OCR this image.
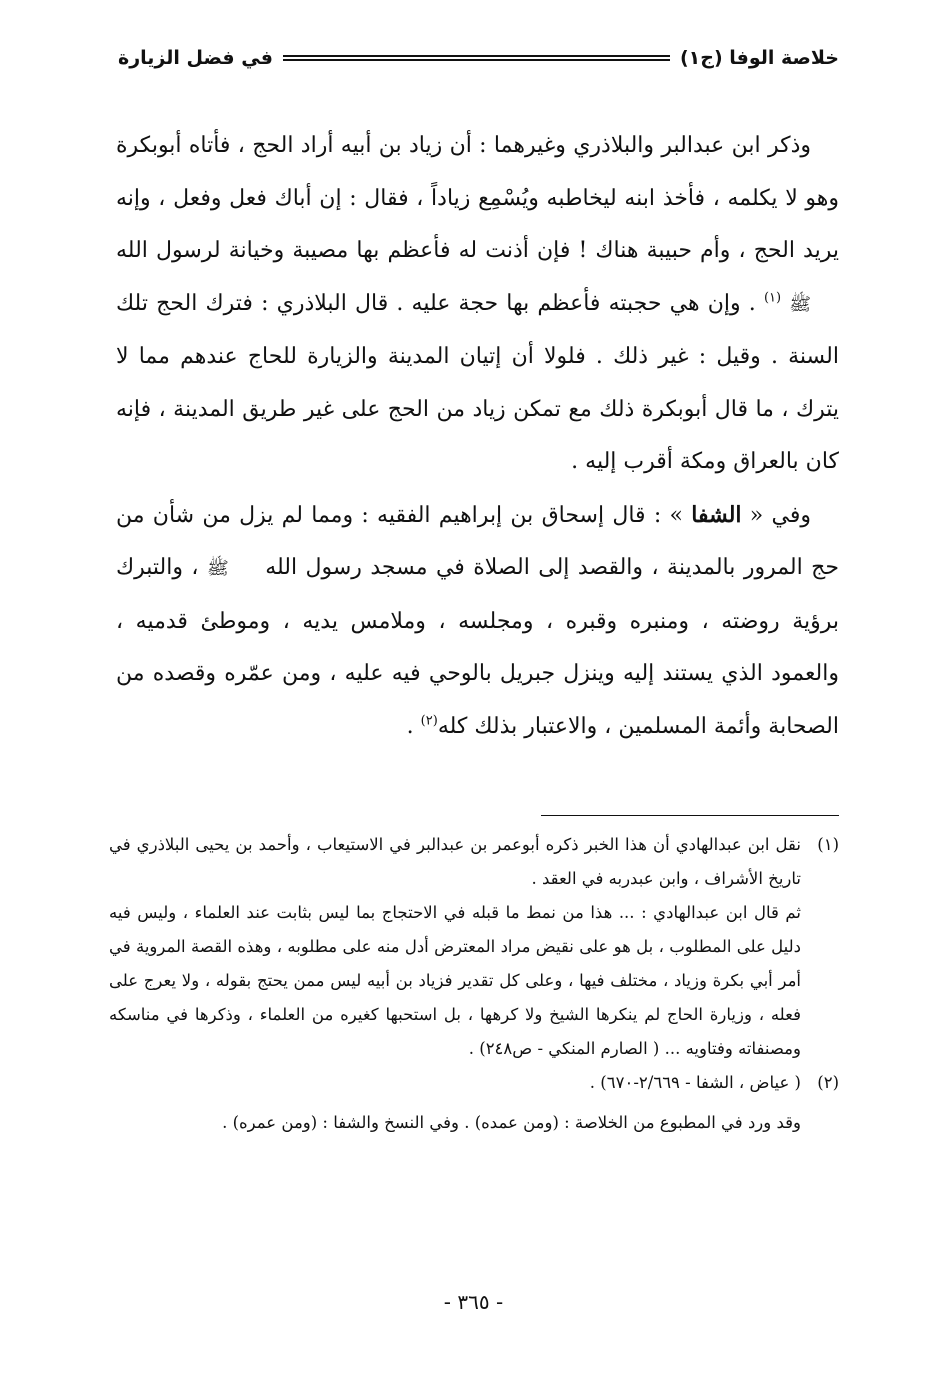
خلاصة الوفا (ج١)
في فضل الزيارة

وذكر ابن عبدالبر والبلاذري وغيرهما : أن زياد بن أبيه أراد الحج ، فأتاه أبوبكرة وهو لا يكلمه ، فأخذ ابنه ليخاطبه ويُسْمِع زياداً ، فقال : إن أباك فعل وفعل ، وإنه يريد الحج ، وأم حبيبة هناك ! فإن أذنت له فأعظم بها مصيبة وخيانة لرسول الله ﷺ $^{(١)}$ . وإن هي حجبته فأعظم بها حجة عليه . قال البلاذري : فترك الحج تلك السنة . وقيل : غير ذلك . فلولا أن إتيان المدينة والزيارة للحاج عندهم مما لا يترك ، ما قال أبوبكرة ذلك مع تمكن زياد من الحج على غير طريق المدينة ، فإنه كان بالعراق ومكة أقرب إليه .

وفي « الشفا » : قال إسحاق بن إبراهيم الفقيه : ومما لم يزل من شأن من حج المرور بالمدينة ، والقصد إلى الصلاة في مسجد رسول الله ﷺ ، والتبرك برؤية روضته ، ومنبره وقبره ، ومجلسه ، وملامس يديه ، وموطئ قدميه ، والعمود الذي يستند إليه وينزل جبريل بالوحي فيه عليه ، ومن عمّره وقصده من الصحابة وأئمة المسلمين ، والاعتبار بذلك كله$^{(٢)}$ .

(١)

نقل ابن عبدالهادي أن هذا الخبر ذكره أبوعمر بن عبدالبر في الاستيعاب ، وأحمد بن يحيى البلاذري في تاريخ الأشراف ، وابن عبدربه في العقد .

ثم قال ابن عبدالهادي : ... هذا من نمط ما قبله في الاحتجاج بما ليس بثابت عند العلماء ، وليس فيه دليل على المطلوب ، بل هو على نقيض مراد المعترض أدل منه على مطلوبه ، وهذه القصة المروية في أمر أبي بكرة وزياد ، مختلف فيها ، وعلى كل تقدير فزياد بن أبيه ليس ممن يحتج بقوله ، ولا يعرج على فعله ، وزيارة الحاج لم ينكرها الشيخ ولا كرهها ، بل استحبها كغيره من العلماء ، وذكرها في مناسكه ومصنفاته وفتاويه ... ( الصارم المنكي - ص٢٤٨) .

(٢)

( عياض ، الشفا - ٢/٦٦٩-٦٧٠) .

وقد ورد في المطبوع من الخلاصة : (ومن عمده) . وفي النسخ والشفا : (ومن عمره) .

- ٣٦٥ -
